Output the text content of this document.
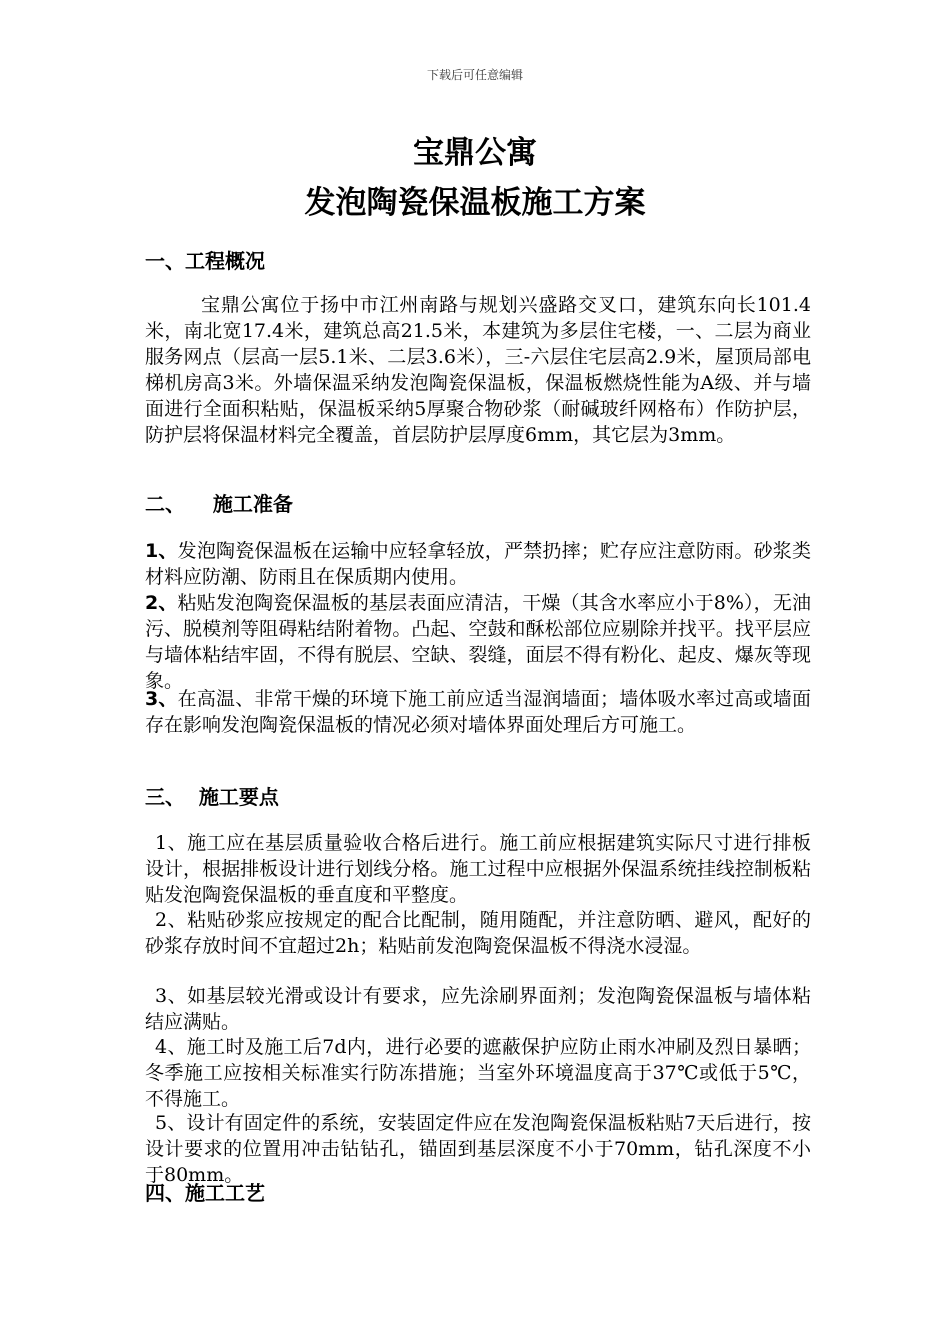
下载后可任意编辑
宝鼎公寓
发泡陶瓷保温板施工方案
一、工程概况
宝鼎公寓位于扬中市江州南路与规划兴盛路交叉口，建筑东向长101.4米，南北宽17.4米，建筑总高21.5米，本建筑为多层住宅楼，一、二层为商业服务网点（层高一层5.1米、二层3.6米），三-六层住宅层高2.9米，屋顶局部电梯机房高3米。外墙保温采纳发泡陶瓷保温板，保温板燃烧性能为A级、并与墙面进行全面积粘贴，保温板采纳5厚聚合物砂浆（耐碱玻纤网格布）作防护层，防护层将保温材料完全覆盖，首层防护层厚度6mm，其它层为3mm。
二、    施工准备
1、发泡陶瓷保温板在运输中应轻拿轻放，严禁扔摔；贮存应注意防雨。砂浆类材料应防潮、防雨且在保质期内使用。
2、粘贴发泡陶瓷保温板的基层表面应清洁，干燥（其含水率应小于8%），无油污、脱模剂等阻碍粘结附着物。凸起、空鼓和酥松部位应剔除并找平。找平层应与墙体粘结牢固，不得有脱层、空缺、裂缝，面层不得有粉化、起皮、爆灰等现象。
3、在高温、非常干燥的环境下施工前应适当湿润墙面；墙体吸水率过高或墙面存在影响发泡陶瓷保温板的情况必须对墙体界面处理后方可施工。
三、  施工要点
1、施工应在基层质量验收合格后进行。施工前应根据建筑实际尺寸进行排板设计，根据排板设计进行划线分格。施工过程中应根据外保温系统挂线控制板粘贴发泡陶瓷保温板的垂直度和平整度。
2、粘贴砂浆应按规定的配合比配制，随用随配，并注意防晒、避风，配好的砂浆存放时间不宜超过2h；粘贴前发泡陶瓷保温板不得浇水浸湿。
3、如基层较光滑或设计有要求，应先涂刷界面剂；发泡陶瓷保温板与墙体粘结应满贴。
4、施工时及施工后7d内，进行必要的遮蔽保护应防止雨水冲刷及烈日暴晒；冬季施工应按相关标准实行防冻措施；当室外环境温度高于37℃或低于5℃，不得施工。
5、设计有固定件的系统，安装固定件应在发泡陶瓷保温板粘贴7天后进行，按设计要求的位置用冲击钻钻孔，锚固到基层深度不小于70mm，钻孔深度不小于80mm。
四、施工工艺
